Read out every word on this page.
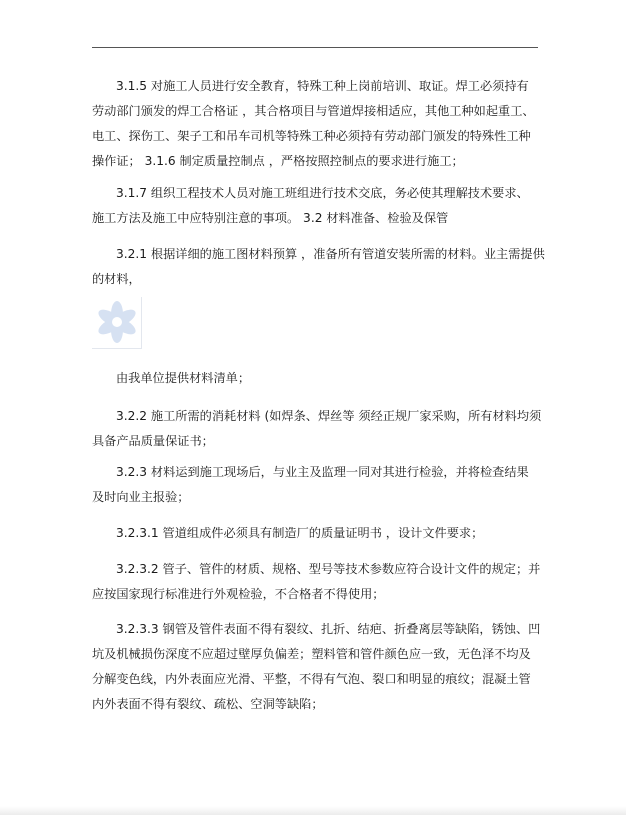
3.1.5 对施工人员进行安全教育，特殊工种上岗前培训、取证。焊工必须持有
劳动部门颁发的焊工合格证 ，其合格项目与管道焊接相适应，其他工种如起重工、
电工、探伤工、架子工和吊车司机等特殊工种必须持有劳动部门颁发的特殊性工种
操作证； 3.1.6 制定质量控制点 ，严格按照控制点的要求进行施工；
3.1.7 组织工程技术人员对施工班组进行技术交底，务必使其理解技术要求、
施工方法及施工中应特别注意的事项。 3.2 材料准备、检验及保管
3.2.1 根据详细的施工图材料预算 ，准备所有管道安装所需的材料。业主需提供
的材料，
由我单位提供材料清单；
3.2.2 施工所需的消耗材料 (如焊条、焊丝等 须经正规厂家采购，所有材料均须
具备产品质量保证书；
3.2.3 材料运到施工现场后，与业主及监理一同对其进行检验，并将检查结果
及时向业主报验；
3.2.3.1 管道组成件必须具有制造厂的质量证明书 ，设计文件要求；
3.2.3.2 管子、管件的材质、规格、型号等技术参数应符合设计文件的规定；并
应按国家现行标准进行外观检验，不合格者不得使用；
3.2.3.3 钢管及管件表面不得有裂纹、扎折、结疤、折叠离层等缺陷，锈蚀、凹
坑及机械损伤深度不应超过壁厚负偏差；塑料管和管件颜色应一致，无色泽不均及
分解变色线，内外表面应光滑、平整，不得有气泡、裂口和明显的痕纹；混凝土管
内外表面不得有裂纹、疏松、空洞等缺陷；
